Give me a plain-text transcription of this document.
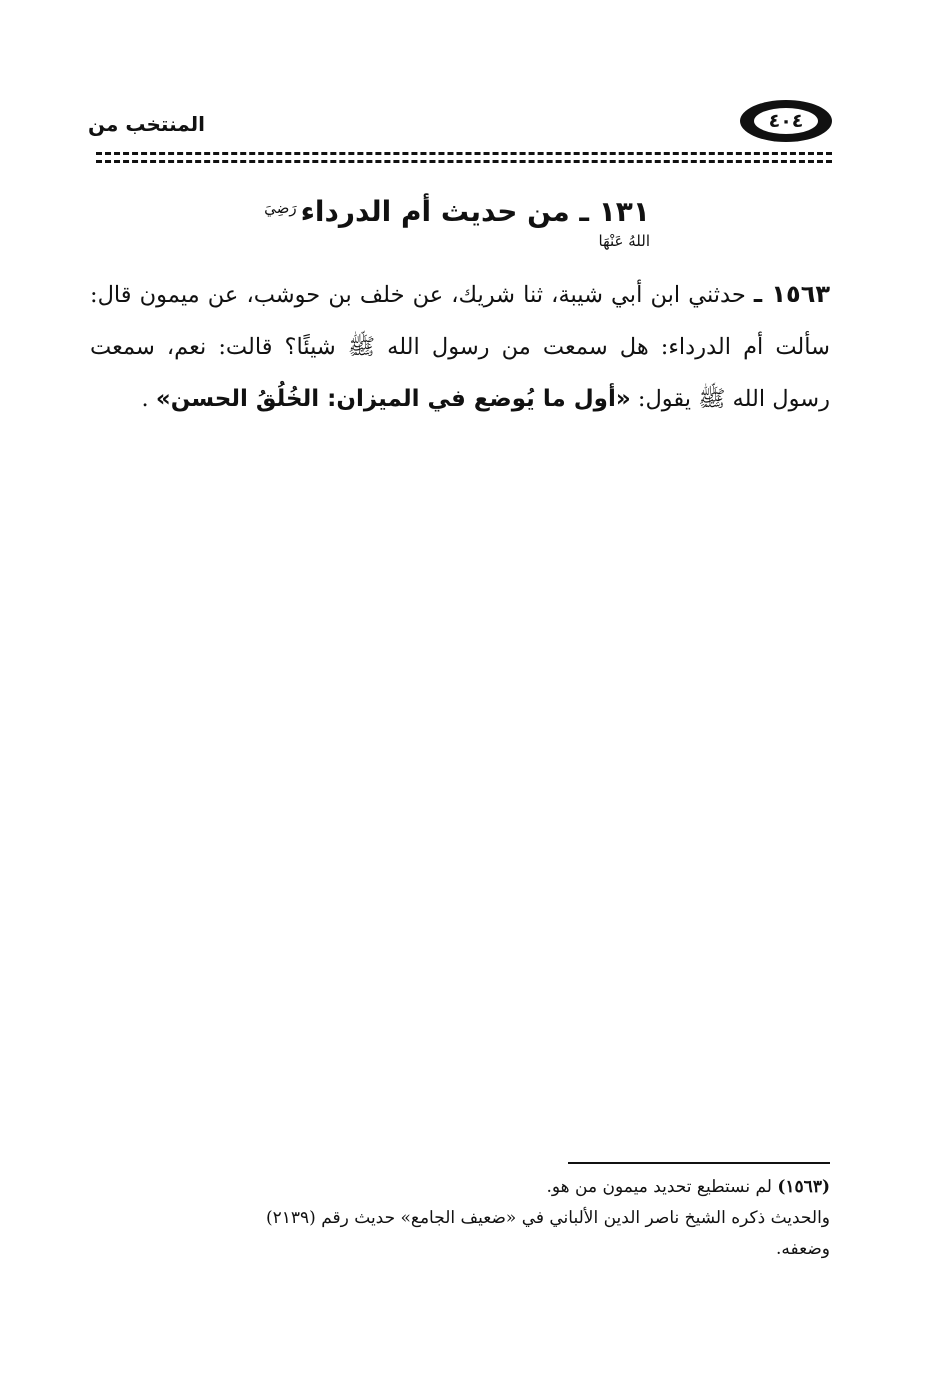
٤٠٤
المنتخب من
١٣١ ـ من حديث أم الدرداء$^{رَضِيَ اللهُ عَنْهَا}$
١٥٦٣ ـ حدثني ابن أبي شيبة، ثنا شريك، عن خلف بن حوشب، عن ميمون قال: سألت أم الدرداء: هل سمعت من رسول الله ﷺ شيئًا؟ قالت: نعم، سمعت رسول الله ﷺ يقول: «أول ما يُوضع في الميزان: الخُلُقُ الحسن» .
(١٥٦٣) لم نستطيع تحديد ميمون من هو.
والحديث ذكره الشيخ ناصر الدين الألباني في «ضعيف الجامع» حديث رقم (٢١٣٩)
وضعفه.
